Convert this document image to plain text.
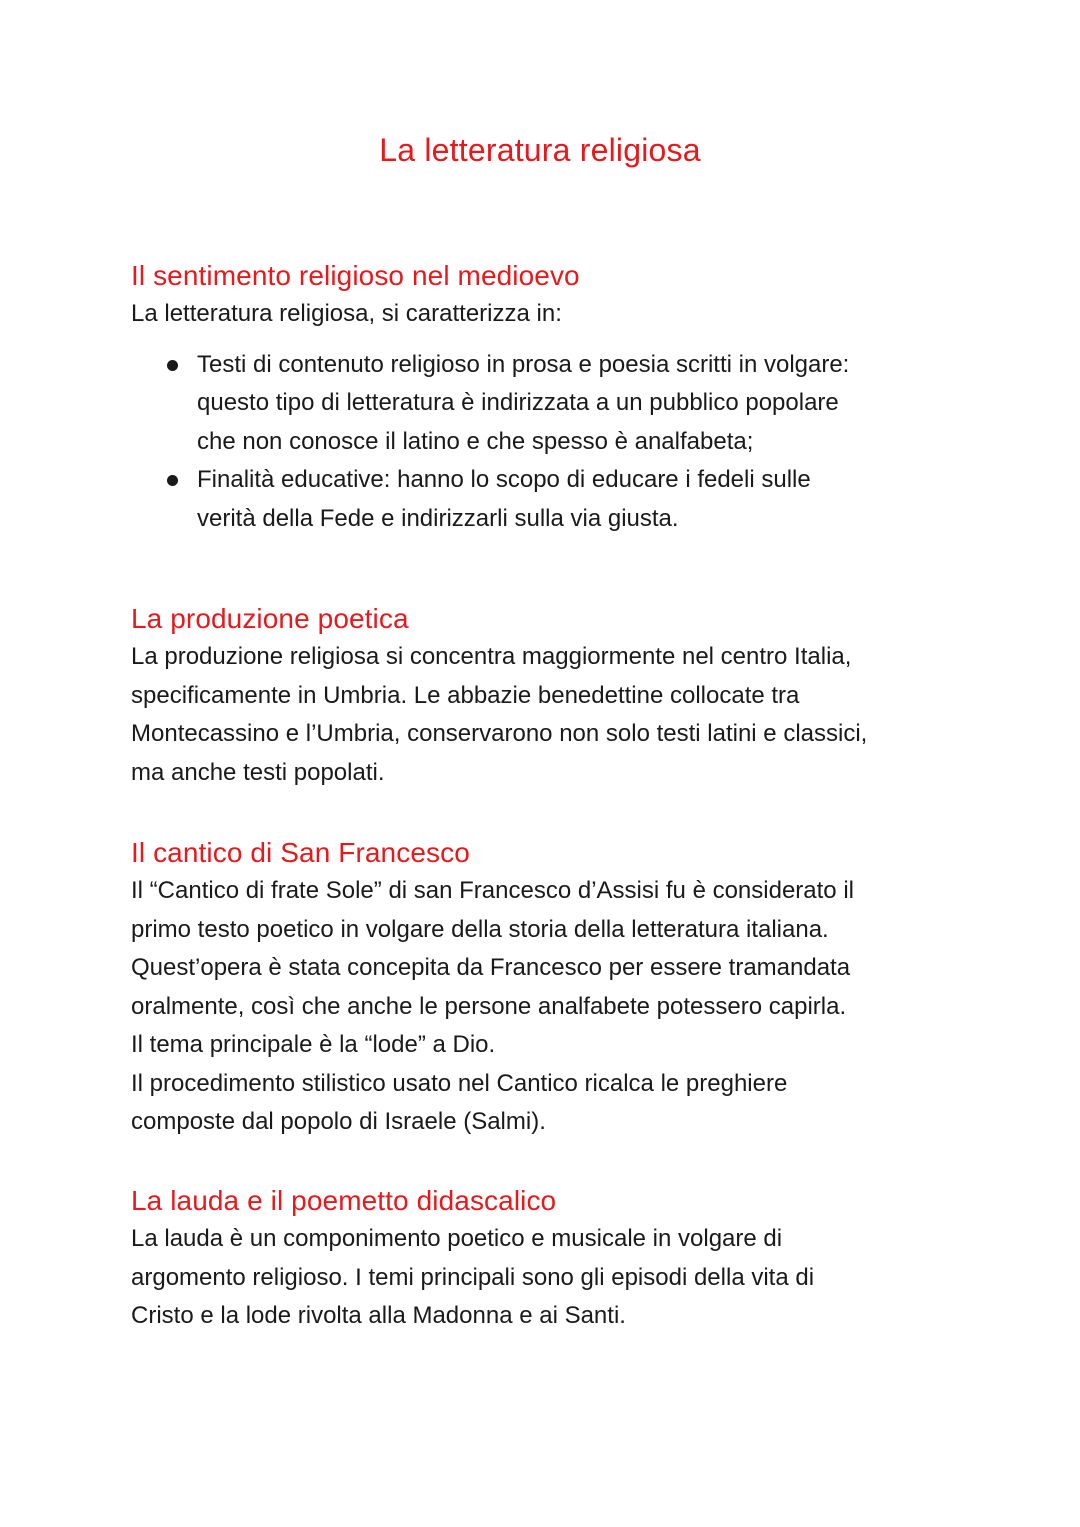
La letteratura religiosa
Il sentimento religioso nel medioevo

La letteratura religiosa, si caratterizza in:

Testi di contenuto religioso in prosa e poesia scritti in volgare:
questo tipo di letteratura è indirizzata a un pubblico popolare
che non conosce il latino e che spesso è analfabeta;
Finalità educative: hanno lo scopo di educare i fedeli sulle
verità della Fede e indirizzarli sulla via giusta.
La produzione poetica

La produzione religiosa si concentra maggiormente nel centro Italia,
specificamente in Umbria. Le abbazie benedettine collocate tra
Montecassino e l’Umbria, conservarono non solo testi latini e classici,
ma anche testi popolati.

Il cantico di San Francesco

Il “Cantico di frate Sole” di san Francesco d’Assisi fu è considerato il
primo testo poetico in volgare della storia della letteratura italiana.
Quest’opera è stata concepita da Francesco per essere tramandata
oralmente, così che anche le persone analfabete potessero capirla.
Il tema principale è la “lode” a Dio.
Il procedimento stilistico usato nel Cantico ricalca le preghiere
composte dal popolo di Israele (Salmi).

La lauda e il poemetto didascalico

La lauda è un componimento poetico e musicale in volgare di
argomento religioso. I temi principali sono gli episodi della vita di
Cristo e la lode rivolta alla Madonna e ai Santi.
